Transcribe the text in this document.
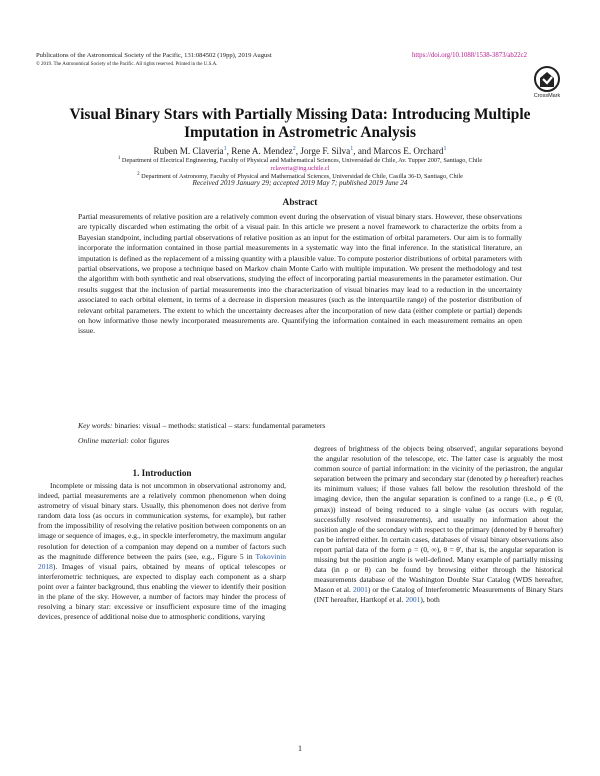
Publications of the Astronomical Society of the Pacific, 131:084502 (19pp), 2019 August
© 2019. The Astronomical Society of the Pacific. All rights reserved. Printed in the U.S.A.
https://doi.org/10.1088/1538-3873/ab22c2
CrossMark
Visual Binary Stars with Partially Missing Data: Introducing Multiple Imputation in Astrometric Analysis
Ruben M. Claveria$^1$, Rene A. Mendez$^2$, Jorge F. Silva$^1$, and Marcos E. Orchard$^1$
$^1$ Department of Electrical Engineering, Faculty of Physical and Mathematical Sciences, Universidad de Chile, Av. Tupper 2007, Santiago, Chile
rclaveria@ing.uchile.cl
$^2$ Department of Astronomy, Faculty of Physical and Mathematical Sciences, Universidad de Chile, Casilla 36-D, Santiago, Chile
Received 2019 January 29; accepted 2019 May 7; published 2019 June 24
Abstract
Partial measurements of relative position are a relatively common event during the observation of visual binary stars. However, these observations are typically discarded when estimating the orbit of a visual pair. In this article we present a novel framework to characterize the orbits from a Bayesian standpoint, including partial observations of relative position as an input for the estimation of orbital parameters. Our aim is to formally incorporate the information contained in those partial measurements in a systematic way into the final inference. In the statistical literature, an imputation is defined as the replacement of a missing quantity with a plausible value. To compute posterior distributions of orbital parameters with partial observations, we propose a technique based on Markov chain Monte Carlo with multiple imputation. We present the methodology and test the algorithm with both synthetic and real observations, studying the effect of incorporating partial measurements in the parameter estimation. Our results suggest that the inclusion of partial measurements into the characterization of visual binaries may lead to a reduction in the uncertainty associated to each orbital element, in terms of a decrease in dispersion measures (such as the interquartile range) of the posterior distribution of relevant orbital parameters. The extent to which the uncertainty decreases after the incorporation of new data (either complete or partial) depends on how informative those newly incorporated measurements are. Quantifying the information contained in each measurement remains an open issue.
Key words: binaries: visual – methods: statistical – stars: fundamental parameters
Online material: color figures
1. Introduction
Incomplete or missing data is not uncommon in observational astronomy and, indeed, partial measurements are a relatively common phenomenon when doing astrometry of visual binary stars. Usually, this phenomenon does not derive from random data loss (as occurs in communication systems, for example), but rather from the impossibility of resolving the relative position between components on an image or sequence of images, e.g., in speckle interferometry, the maximum angular resolution for detection of a companion may depend on a number of factors such as the magnitude difference between the pairs (see, e.g., Figure 5 in Tokovinin 2018). Images of visual pairs, obtained by means of optical telescopes or interferometric techniques, are expected to display each component as a sharp point over a fainter background, thus enabling the viewer to identify their position in the plane of the sky. However, a number of factors may hinder the process of resolving a binary star: excessive or insufficient exposure time of the imaging devices, presence of additional noise due to atmospheric conditions, varying
degrees of brightness of the objects being observed', angular separations beyond the angular resolution of the telescope, etc. The latter case is arguably the most common source of partial information: in the vicinity of the periastron, the angular separation between the primary and secondary star (denoted by ρ hereafter) reaches its minimum values; if those values fall below the resolution threshold of the imaging device, then the angular separation is confined to a range (i.e., ρ ∈ (0, ρmax)) instead of being reduced to a single value (as occurs with regular, successfully resolved measurements), and usually no information about the position angle of the secondary with respect to the primary (denoted by θ hereafter) can be inferred either. In certain cases, databases of visual binary observations also report partial data of the form ρ = (0, ∞), θ = θ', that is, the angular separation is missing but the position angle is well-defined. Many example of partially missing data (in ρ or θ) can be found by browsing either through the historical measurements database of the Washington Double Star Catalog (WDS hereafter, Mason et al. 2001) or the Catalog of Interferometric Measurements of Binary Stars (INT hereafter, Hartkopf et al. 2001), both
1
